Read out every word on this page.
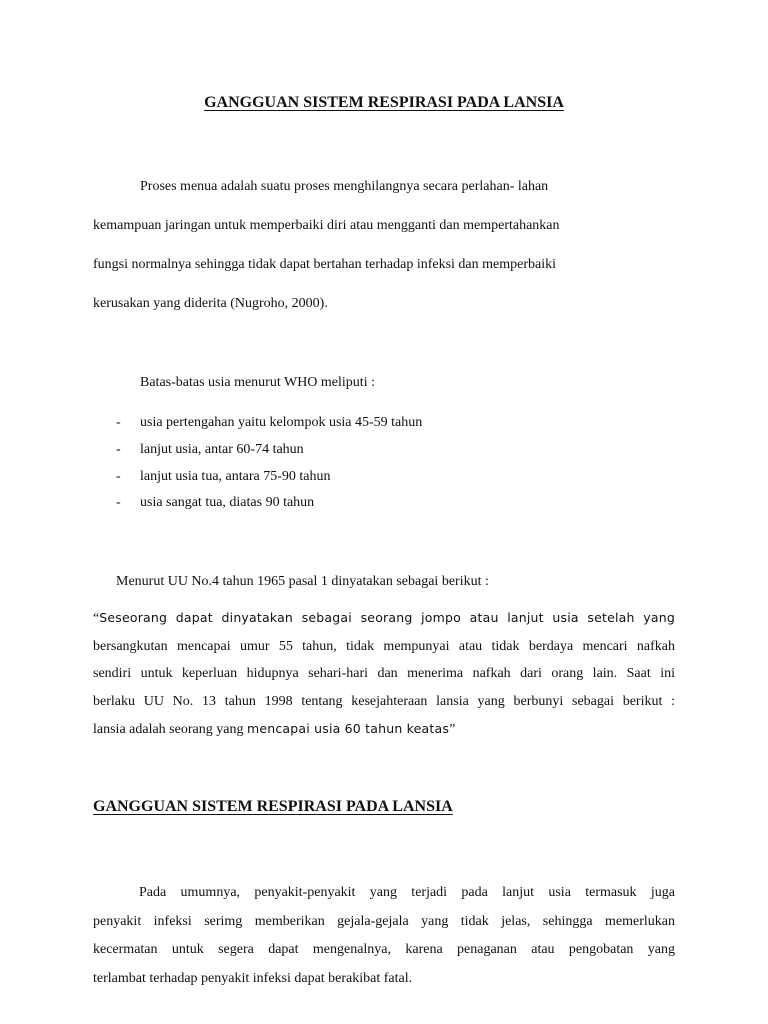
GANGGUAN SISTEM RESPIRASI PADA LANSIA
Proses menua adalah suatu proses menghilangnya secara perlahan- lahan
kemampuan jaringan untuk memperbaiki diri atau mengganti dan mempertahankan
fungsi normalnya sehingga tidak dapat bertahan terhadap infeksi dan memperbaiki
kerusakan yang diderita (Nugroho, 2000).
Batas-batas usia menurut WHO meliputi :
- usia pertengahan yaitu kelompok usia 45-59 tahun
- lanjut usia, antar 60-74 tahun
- lanjut usia tua, antara 75-90 tahun
- usia sangat tua, diatas 90 tahun
Menurut UU No.4 tahun 1965 pasal 1 dinyatakan sebagai berikut :
“Seseorang dapat dinyatakan sebagai seorang jompo atau lanjut usia setelah yang
bersangkutan mencapai umur 55 tahun, tidak mempunyai atau tidak berdaya mencari nafkah
sendiri untuk keperluan hidupnya sehari-hari dan menerima nafkah dari orang lain. Saat ini
berlaku UU No. 13 tahun 1998 tentang kesejahteraan lansia yang berbunyi sebagai berikut :
lansia adalah seorang yang mencapai usia 60 tahun keatas”
GANGGUAN SISTEM RESPIRASI PADA LANSIA
Pada umumnya, penyakit-penyakit yang terjadi pada lanjut usia termasuk juga
penyakit infeksi serimg memberikan gejala-gejala yang tidak jelas, sehingga memerlukan
kecermatan untuk segera dapat mengenalnya, karena penaganan atau pengobatan yang
terlambat terhadap penyakit infeksi dapat berakibat fatal.
